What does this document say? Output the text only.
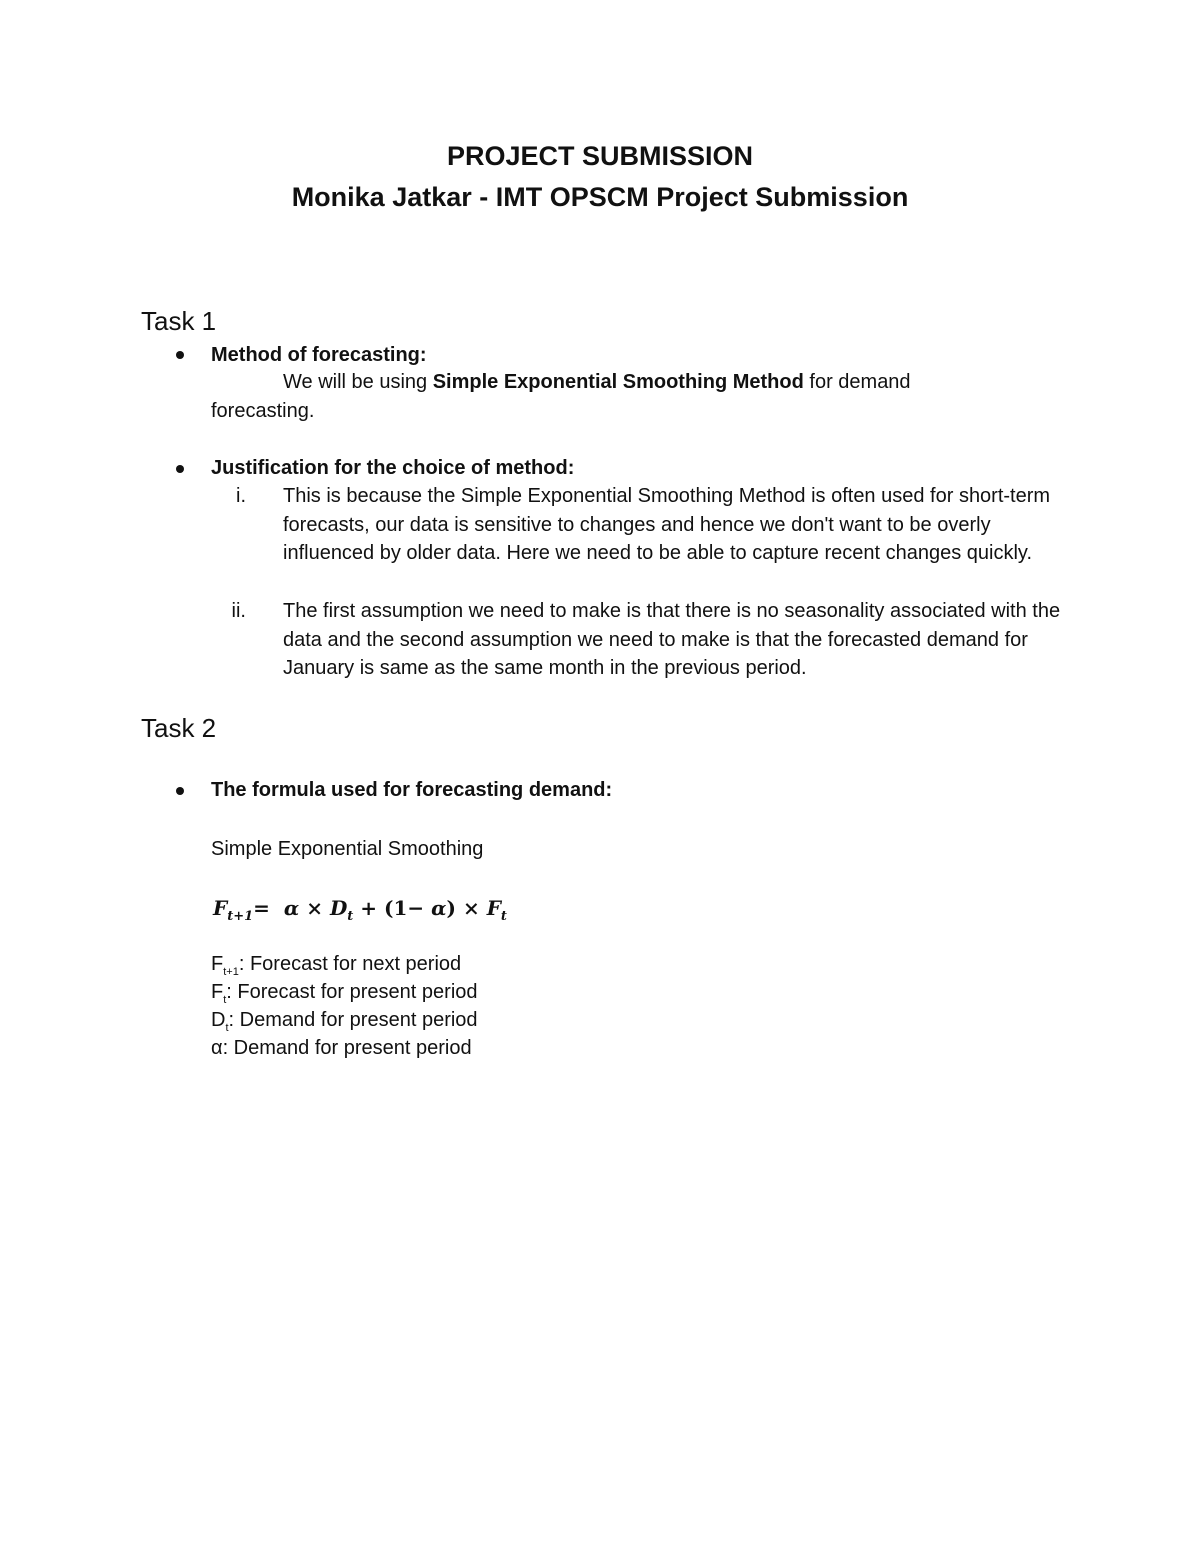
PROJECT SUBMISSION
Monika Jatkar - IMT OPSCM Project Submission
Task 1
Method of forecasting:
We will be using Simple Exponential Smoothing Method for demand
forecasting.
Justification for the choice of method:
i. This is because the Simple Exponential Smoothing Method is often used for short-term forecasts, our data is sensitive to changes and hence we don't want to be overly influenced by older data. Here we need to be able to capture recent changes quickly.
ii. The first assumption we need to make is that there is no seasonality associated with the data and the second assumption we need to make is that the forecasted demand for January is same as the same month in the previous period.
Task 2
The formula used for forecasting demand:
Simple Exponential Smoothing
$F_{t+1}= \alpha \times D_t + (1- \alpha) \times F_t$
$F_{t+1}$: Forecast for next period
$F_t$: Forecast for present period
$D_t$: Demand for present period
α: Demand for present period
